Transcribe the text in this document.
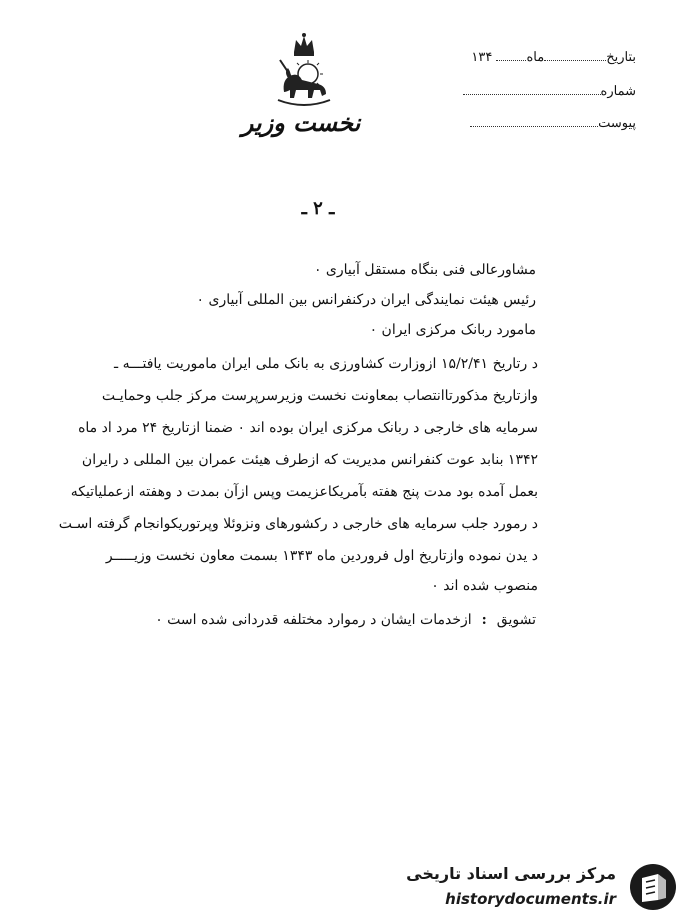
بتاریخماه ۱۳۴
شماره
پیوست
نخست وزیر
ـ ۲ ـ
مشاورعالی فنی بنگاه مستقل آبیاری ۰
رئیس هیئت نمایندگی ایران درکنفرانس بین المللی آبیاری ۰
مامورد ربانک مرکزی ایران ۰
د رتاریخ ۱۵/۲/۴۱ ازوزارت کشاورزی به بانک ملی ایران ماموریت یافتـــه ـ
وازتاریخ مذکورتاانتصاب بمعاونت نخست وزیرسرپرست مرکز جلب وحمایـت
سرمایه های خارجی د ربانک مرکزی ایران بوده اند ۰ ضمنا ازتاریخ ۲۴ مرد اد ماه
۱۳۴۲ بنابد عوت کنفرانس مدیریت که ازطرف هیئت عمران بین المللی د رایران
بعمل آمده بود مدت پنج هفته بآمریکاعزیمت وپس ازآن بمدت د وهفته ازعملیاتیکه
د رمورد جلب سرمایه های خارجی د رکشورهای ونزوئلا وپرتوریکوانجام گرفته اسـت
د یدن نموده وازتاریخ اول فروردین ماه ۱۳۴۳ بسمت معاون نخست وزیـــــر
منصوب شده اند ۰
تشویق:ازخدمات ایشان د رموارد مختلفه قدردانی شده است ۰
مرکز بررسی اسناد تاریخی
historydocuments.ir
